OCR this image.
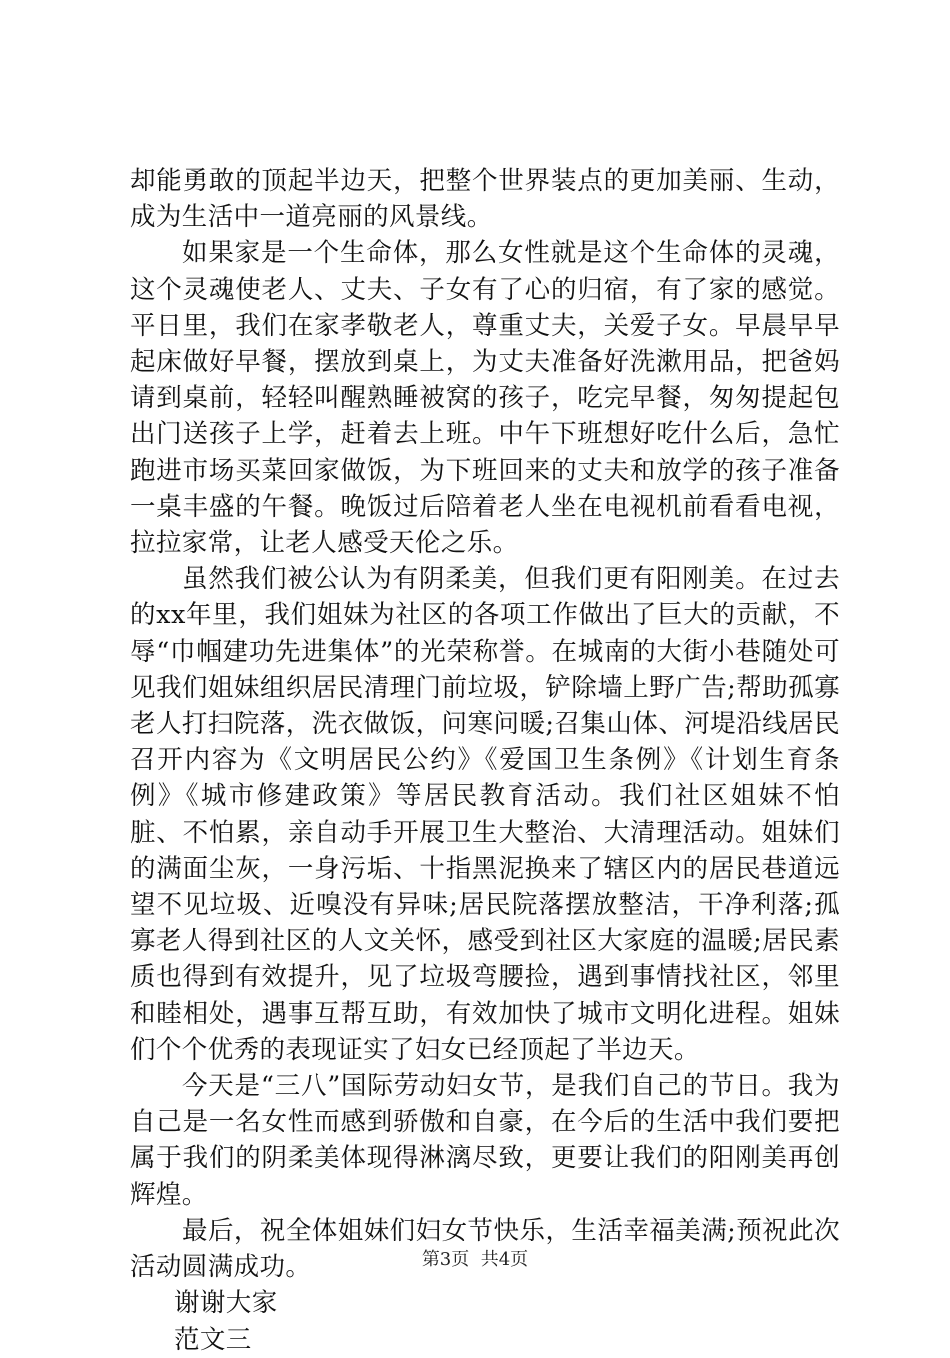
却能勇敢的顶起半边天，把整个世界装点的更加美丽、生动，成为生活中一道亮丽的风景线。

如果家是一个生命体，那么女性就是这个生命体的灵魂，这个灵魂使老人、丈夫、子女有了心的归宿，有了家的感觉。平日里，我们在家孝敬老人，尊重丈夫，关爱子女。早晨早早起床做好早餐，摆放到桌上，为丈夫准备好洗漱用品，把爸妈请到桌前，轻轻叫醒熟睡被窝的孩子，吃完早餐，匆匆提起包出门送孩子上学，赶着去上班。中午下班想好吃什么后，急忙跑进市场买菜回家做饭，为下班回来的丈夫和放学的孩子准备一桌丰盛的午餐。晚饭过后陪着老人坐在电视机前看看电视，拉拉家常，让老人感受天伦之乐。

虽然我们被公认为有阴柔美，但我们更有阳刚美。在过去的xx年里，我们姐妹为社区的各项工作做出了巨大的贡献，不辱“巾帼建功先进集体”的光荣称誉。在城南的大街小巷随处可见我们姐妹组织居民清理门前垃圾，铲除墙上野广告;帮助孤寡老人打扫院落，洗衣做饭，问寒问暖;召集山体、河堤沿线居民召开内容为《文明居民公约》《爱国卫生条例》《计划生育条例》《城市修建政策》等居民教育活动。我们社区姐妹不怕脏、不怕累，亲自动手开展卫生大整治、大清理活动。姐妹们的满面尘灰，一身污垢、十指黑泥换来了辖区内的居民巷道远望不见垃圾、近嗅没有异味;居民院落摆放整洁，干净利落;孤寡老人得到社区的人文关怀，感受到社区大家庭的温暖;居民素质也得到有效提升，见了垃圾弯腰捡，遇到事情找社区，邻里和睦相处，遇事互帮互助，有效加快了城市文明化进程。姐妹们个个优秀的表现证实了妇女已经顶起了半边天。

今天是“三八”国际劳动妇女节，是我们自己的节日。我为自己是一名女性而感到骄傲和自豪，在今后的生活中我们要把属于我们的阴柔美体现得淋漓尽致，更要让我们的阳刚美再创辉煌。

最后，祝全体姐妹们妇女节快乐，生活幸福美满;预祝此次活动圆满成功。

谢谢大家

范文三

第3页  共4页
